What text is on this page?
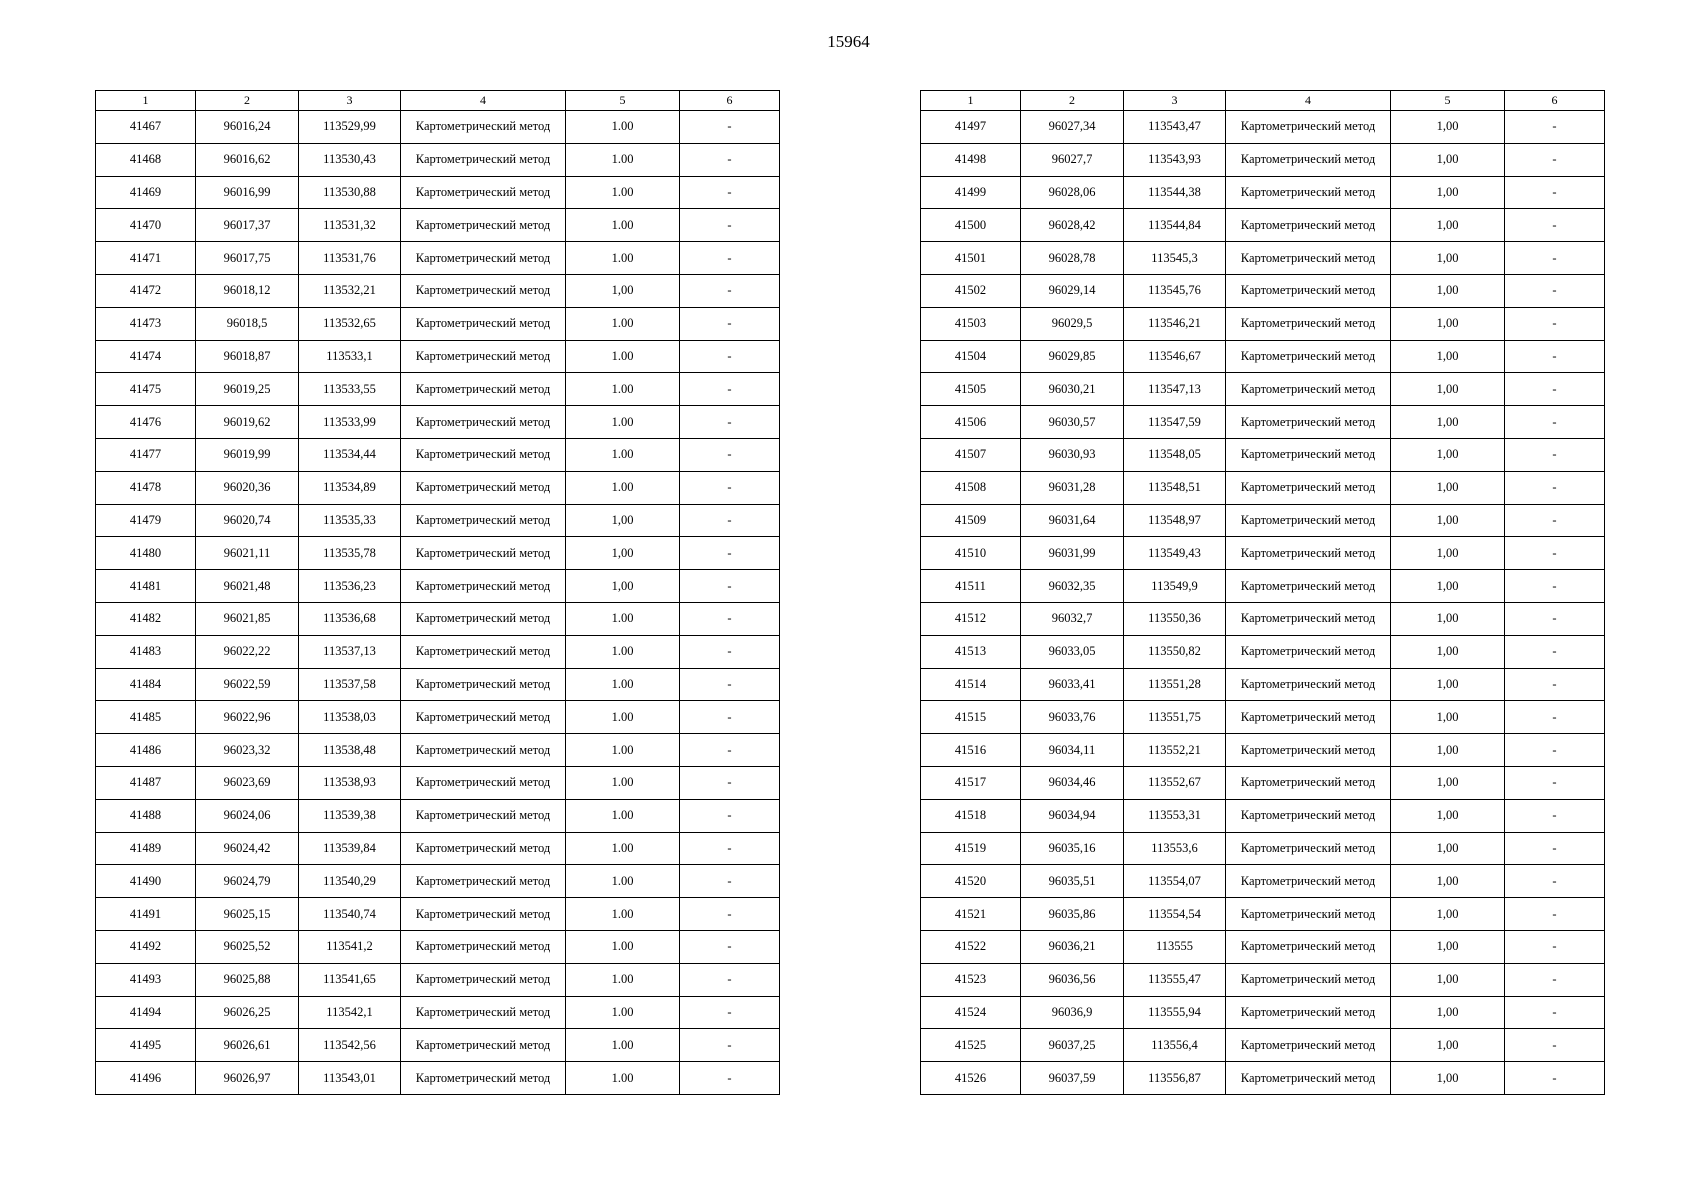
15964
1	2	3	4	5	6
41467	96016,24	113529,99	Картометрический метод	1.00	-
41468	96016,62	113530,43	Картометрический метод	1.00	-
41469	96016,99	113530,88	Картометрический метод	1.00	-
41470	96017,37	113531,32	Картометрический метод	1.00	-
41471	96017,75	113531,76	Картометрический метод	1.00	-
41472	96018,12	113532,21	Картометрический метод	1,00	-
41473	96018,5	113532,65	Картометрический метод	1.00	-
41474	96018,87	113533,1	Картометрический метод	1.00	-
41475	96019,25	113533,55	Картометрический метод	1.00	-
41476	96019,62	113533,99	Картометрический метод	1.00	-
41477	96019,99	113534,44	Картометрический метод	1.00	-
41478	96020,36	113534,89	Картометрический метод	1.00	-
41479	96020,74	113535,33	Картометрический метод	1,00	-
41480	96021,11	113535,78	Картометрический метод	1,00	-
41481	96021,48	113536,23	Картометрический метод	1,00	-
41482	96021,85	113536,68	Картометрический метод	1.00	-
41483	96022,22	113537,13	Картометрический метод	1.00	-
41484	96022,59	113537,58	Картометрический метод	1.00	-
41485	96022,96	113538,03	Картометрический метод	1.00	-
41486	96023,32	113538,48	Картометрический метод	1.00	-
41487	96023,69	113538,93	Картометрический метод	1.00	-
41488	96024,06	113539,38	Картометрический метод	1.00	-
41489	96024,42	113539,84	Картометрический метод	1.00	-
41490	96024,79	113540,29	Картометрический метод	1.00	-
41491	96025,15	113540,74	Картометрический метод	1.00	-
41492	96025,52	113541,2	Картометрический метод	1.00	-
41493	96025,88	113541,65	Картометрический метод	1.00	-
41494	96026,25	113542,1	Картометрический метод	1.00	-
41495	96026,61	113542,56	Картометрический метод	1.00	-
41496	96026,97	113543,01	Картометрический метод	1.00	-
1	2	3	4	5	6
41497	96027,34	113543,47	Картометрический метод	1,00	-
41498	96027,7	113543,93	Картометрический метод	1,00	-
41499	96028,06	113544,38	Картометрический метод	1,00	-
41500	96028,42	113544,84	Картометрический метод	1,00	-
41501	96028,78	113545,3	Картометрический метод	1,00	-
41502	96029,14	113545,76	Картометрический метод	1,00	-
41503	96029,5	113546,21	Картометрический метод	1,00	-
41504	96029,85	113546,67	Картометрический метод	1,00	-
41505	96030,21	113547,13	Картометрический метод	1,00	-
41506	96030,57	113547,59	Картометрический метод	1,00	-
41507	96030,93	113548,05	Картометрический метод	1,00	-
41508	96031,28	113548,51	Картометрический метод	1,00	-
41509	96031,64	113548,97	Картометрический метод	1,00	-
41510	96031,99	113549,43	Картометрический метод	1,00	-
41511	96032,35	113549,9	Картометрический метод	1,00	-
41512	96032,7	113550,36	Картометрический метод	1,00	-
41513	96033,05	113550,82	Картометрический метод	1,00	-
41514	96033,41	113551,28	Картометрический метод	1,00	-
41515	96033,76	113551,75	Картометрический метод	1,00	-
41516	96034,11	113552,21	Картометрический метод	1,00	-
41517	96034,46	113552,67	Картометрический метод	1,00	-
41518	96034,94	113553,31	Картометрический метод	1,00	-
41519	96035,16	113553,6	Картометрический метод	1,00	-
41520	96035,51	113554,07	Картометрический метод	1,00	-
41521	96035,86	113554,54	Картометрический метод	1,00	-
41522	96036,21	113555	Картометрический метод	1,00	-
41523	96036,56	113555,47	Картометрический метод	1,00	-
41524	96036,9	113555,94	Картометрический метод	1,00	-
41525	96037,25	113556,4	Картометрический метод	1,00	-
41526	96037,59	113556,87	Картометрический метод	1,00	-
